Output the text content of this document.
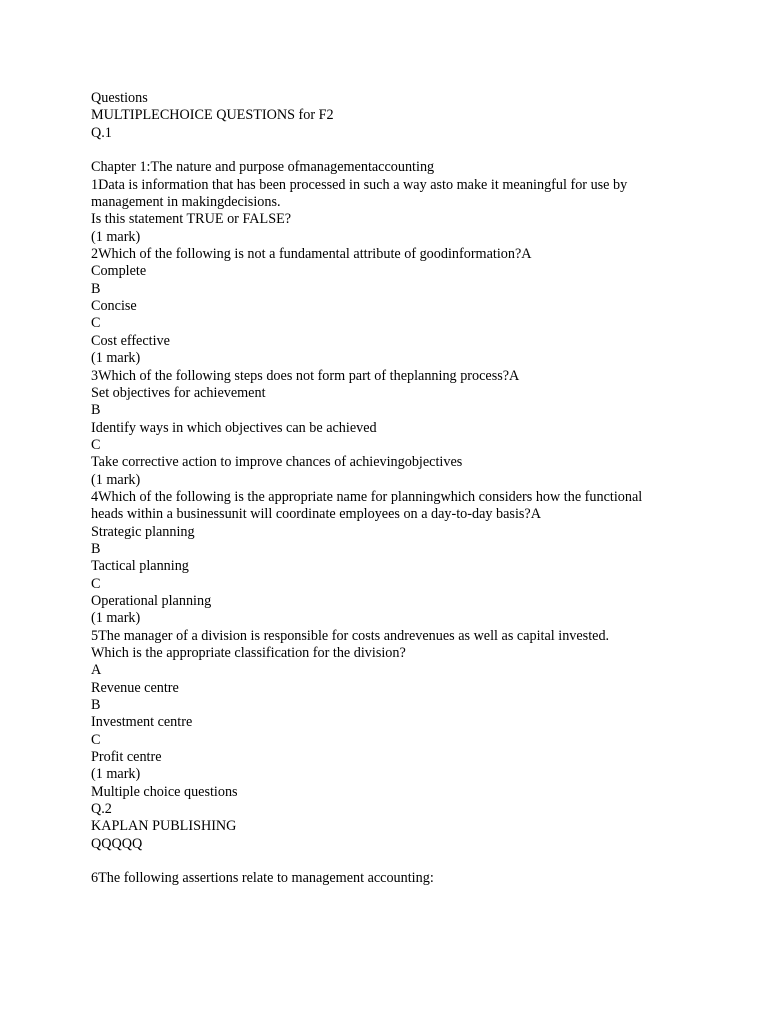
Questions
MULTIPLECHOICE QUESTIONS for F2
Q.1
Chapter 1:The nature and purpose ofmanagementaccounting
1Data is information that has been processed in such a way asto make it meaningful for use by
management in makingdecisions.
Is this statement TRUE or FALSE?
(1 mark)
2Which of the following is not a fundamental attribute of goodinformation?A
Complete
B
Concise
C
Cost effective
(1 mark)
3Which of the following steps does not form part of theplanning process?A
Set objectives for achievement
B
Identify ways in which objectives can be achieved
C
Take corrective action to improve chances of achievingobjectives
(1 mark)
4Which of the following is the appropriate name for planningwhich considers how the functional
heads within a businessunit will coordinate employees on a day-to-day basis?A
Strategic planning
B
Tactical planning
C
Operational planning
(1 mark)
5The manager of a division is responsible for costs andrevenues as well as capital invested.
Which is the appropriate classification for the division?
A
Revenue centre
B
Investment centre
C
Profit centre
(1 mark)
Multiple choice questions
Q.2
KAPLAN PUBLISHING
QQQQQ
6The following assertions relate to management accounting:
